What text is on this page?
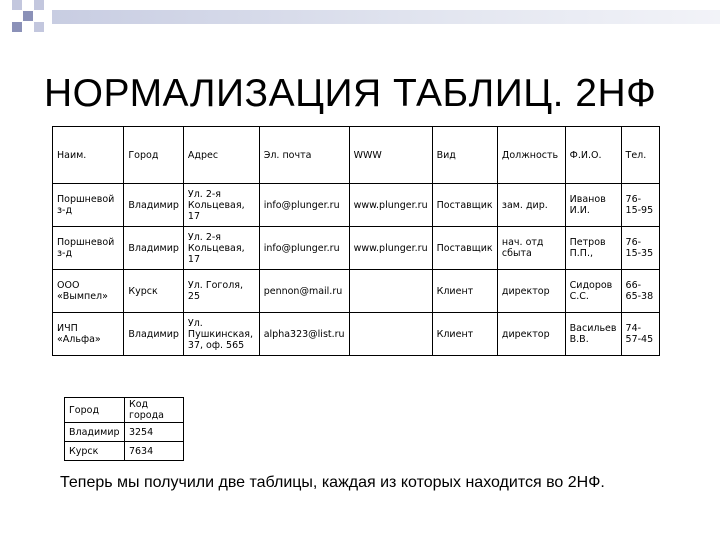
НОРМАЛИЗАЦИЯ ТАБЛИЦ. 2НФ
Наим.	Город	Адрес	Эл. почта	WWW	Вид	Должность	Ф.И.О.	Тел.
Поршневой з-д	Владимир	Ул. 2-я Кольцевая, 17	info@plunger.ru	www.plunger.ru	Поставщик	зам. дир.	Иванов И.И.	76-15-95
Поршневой з-д	Владимир	Ул. 2-я Кольцевая, 17	info@plunger.ru	www.plunger.ru	Поставщик	нач. отд сбыта	Петров П.П.,	76-15-35
ООО «Вымпел»	Курск	Ул. Гоголя, 25	pennon@mail.ru		Клиент	директор	Сидоров С.С.	66-65-38
ИЧП «Альфа»	Владимир	Ул. Пушкинская, 37, оф. 565	alpha323@list.ru		Клиент	директор	Васильев В.В.	74-57-45
Город	Код города
Владимир	3254
Курск	7634
Теперь мы получили две таблицы, каждая из которых находится во 2НФ.
